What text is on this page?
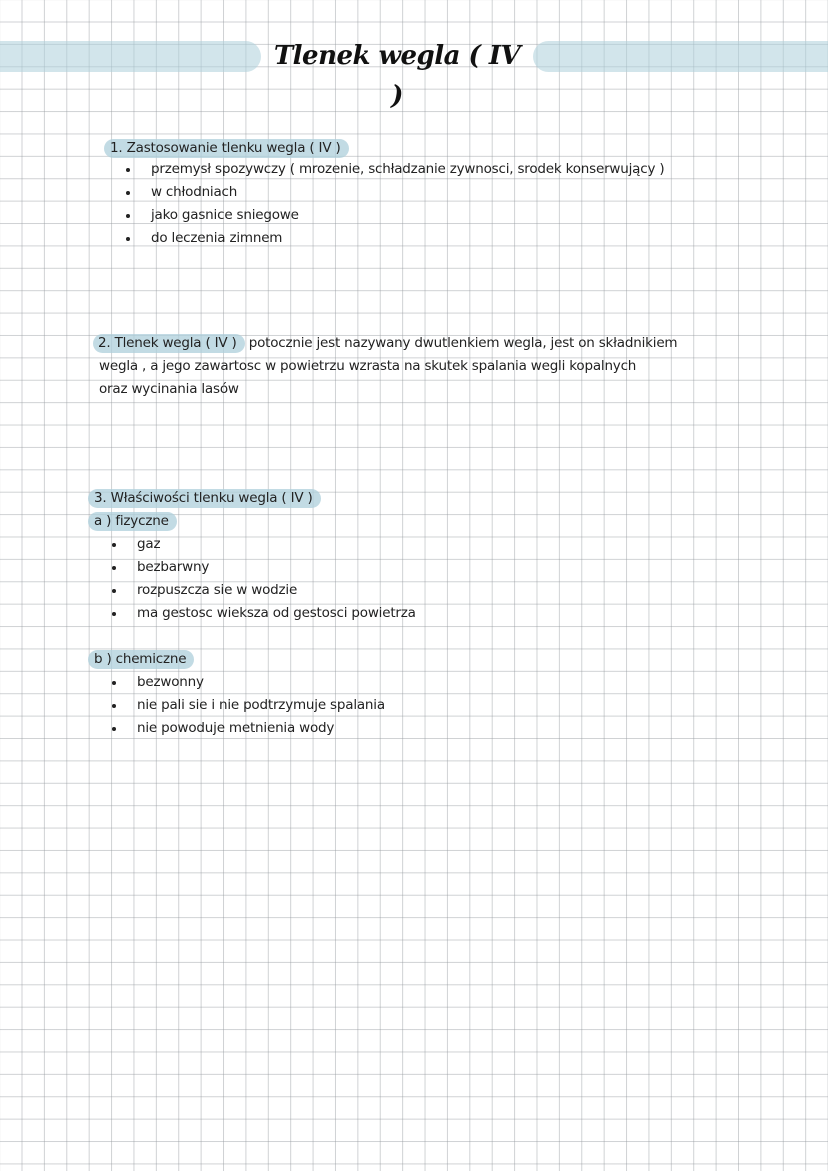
Tlenek wegla ( IV )
1. Zastosowanie tlenku wegla ( IV )
przemysł spozywczy ( mrozenie, schładzanie zywnosci, srodek konserwujący )
w chłodniach
jako gasnice sniegowe
do leczenia zimnem
2. Tlenek wegla ( IV ) potocznie jest nazywany dwutlenkiem wegla, jest on składnikiem
wegla , a jego zawartosc w powietrzu wzrasta na skutek spalania wegli kopalnych
oraz wycinania lasów
3. Właściwości tlenku wegla ( IV )
a ) fizyczne
gaz
bezbarwny
rozpuszcza sie w wodzie
ma gestosc wieksza od gestosci powietrza
b ) chemiczne
bezwonny
nie pali sie i nie podtrzymuje spalania
nie powoduje metnienia wody
